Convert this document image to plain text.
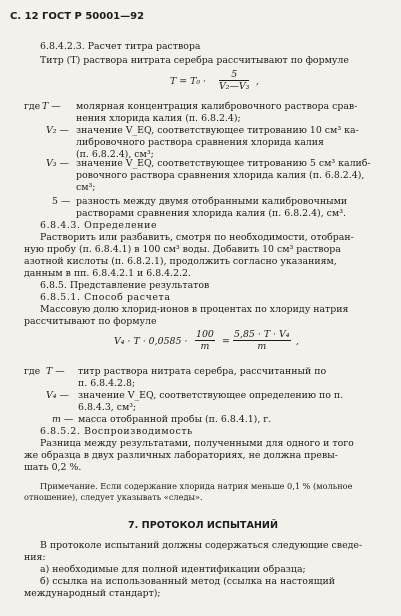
С. 12 ГОСТ Р 50001—92
6.8.4.2.3. Расчет титра раствора
Титр (Т) раствора нитрата серебра рассчитывают по формуле
$T = T_0 \cdot \frac{5}{\text{V₂—V₃}}$ ,
где T — молярная концентрация калибровочного раствора срав-
нения хлорида калия (п. 6.8.2.4);
V₂ — значение V_EQ, соответствующее титрованию 10 см³ ка-
либровочного раствора сравнения хлорида калия
(п. 6.8.2.4), см³;
V₃ — значение V_EQ, соответствующее титрованию 5 см³ калиб-
ровочного раствора сравнения хлорида калия (п. 6.8.2.4),
см³;
5 — разность между двумя отобранными калибровочными
растворами сравнения хлорида калия (п. 6.8.2.4), см³.
6.8.4.3. Определение
Растворить или разбавить, смотря по необходимости, отобран-
ную пробу (п. 6.8.4.1) в 100 см³ воды. Добавить 10 см³ раствора
азотной кислоты (п. 6.8.2.1), продолжить согласно указаниям,
данным в пп. 6.8.4.2.1 и 6.8.4.2.2.
6.8.5. Представление результатов
6.8.5.1. Способ расчета
Массовую долю хлорид-ионов в процентах по хлориду натрия
рассчитывают по формуле
$V_4 \cdot T \cdot 0,0585 \cdot \frac{100}{m} = \frac{\text{5,85 · T · V₄}}{m}$ ,
где T — титр раствора нитрата серебра, рассчитанный по
п. 6.8.4.2.8;
V₄ — значение V_EQ, соответствующее определению по п.
6.8.4.3, см³;
m — масса отобранной пробы (п. 6.8.4.1), г.
6.8.5.2. Воспроизводимость
Разница между результатами, полученными для одного и того
же образца в двух различных лабораториях, не должна превы-
шать 0,2 %.
Примечание. Если содержание хлорида натрия меньше 0,1 % (мольное
отношение), следует указывать «следы».
7. ПРОТОКОЛ ИСПЫТАНИЙ
В протоколе испытаний должны содержаться следующие сведе-
ния:
а) необходимые для полной идентификации образца;
б) ссылка на использованный метод (ссылка на настоящий
международный стандарт);
